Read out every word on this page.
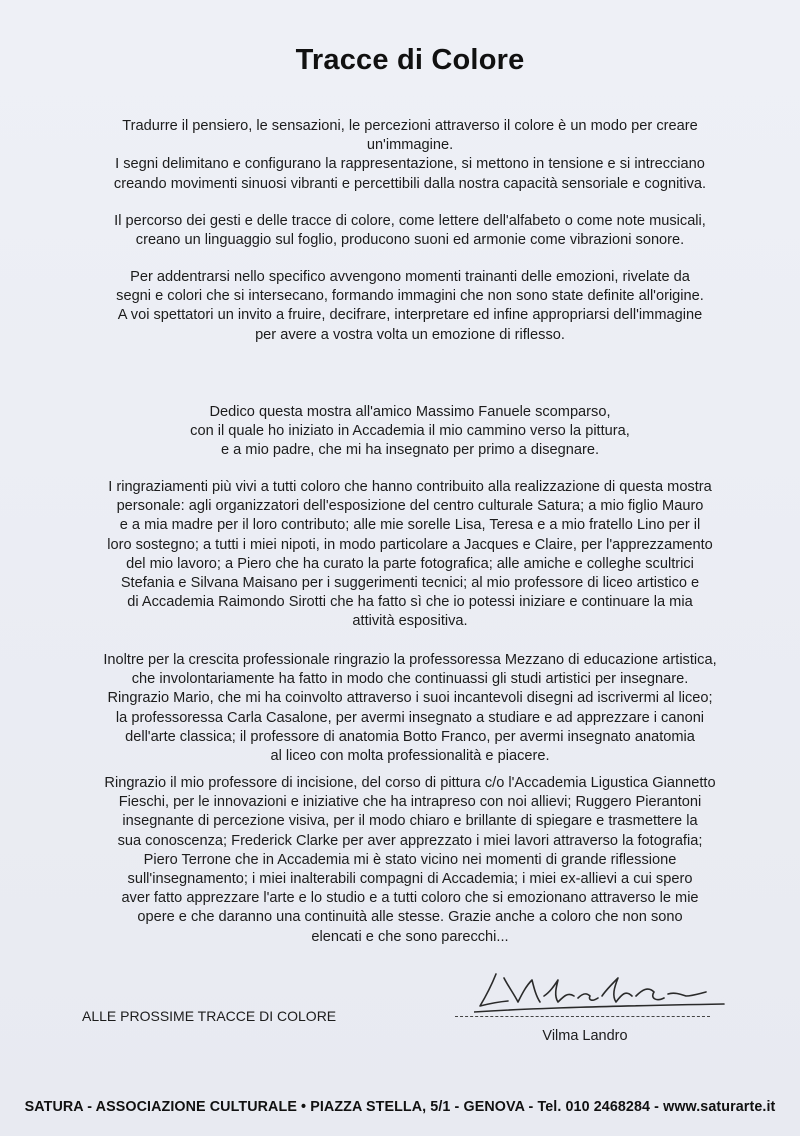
Tracce di Colore
Tradurre il pensiero, le sensazioni, le percezioni attraverso il colore è un modo per creare
un'immagine.
I segni delimitano e configurano la rappresentazione, si mettono in tensione e si intrecciano
creando movimenti sinuosi vibranti e percettibili dalla nostra capacità sensoriale e cognitiva.
Il percorso dei gesti e delle tracce di colore, come lettere dell'alfabeto o come note musicali,
creano un linguaggio sul foglio, producono suoni ed armonie come vibrazioni sonore.
Per addentrarsi nello specifico avvengono momenti trainanti delle emozioni, rivelate da
segni e colori che si intersecano, formando immagini che non sono state definite all'origine.
A voi spettatori un invito a fruire, decifrare, interpretare ed infine appropriarsi dell'immagine
per avere a vostra volta un emozione di riflesso.
Dedico questa mostra all'amico Massimo Fanuele scomparso,
con il quale ho iniziato in Accademia il mio cammino verso la pittura,
e a mio padre, che mi ha insegnato per primo a disegnare.
I ringraziamenti più vivi a tutti coloro che hanno contribuito alla realizzazione di questa mostra
personale: agli organizzatori dell'esposizione del centro culturale Satura; a mio figlio Mauro
e a mia madre per il loro contributo; alle mie sorelle Lisa, Teresa e a mio fratello Lino per il
loro sostegno; a tutti i miei nipoti, in modo particolare a Jacques e Claire, per l'apprezzamento
del mio lavoro; a Piero che ha curato la parte fotografica; alle amiche e colleghe scultrici
Stefania e Silvana Maisano per i suggerimenti tecnici; al mio professore di liceo artistico e
di Accademia Raimondo Sirotti che ha fatto sì che io potessi iniziare e continuare la mia
attività espositiva.
Inoltre per la crescita professionale ringrazio la professoressa Mezzano di educazione artistica,
che involontariamente ha fatto in modo che continuassi gli studi artistici per insegnare.
Ringrazio Mario, che mi ha coinvolto attraverso i suoi incantevoli disegni ad iscrivermi al liceo;
la professoressa Carla Casalone, per avermi insegnato a studiare e ad apprezzare i canoni
dell'arte classica; il professore di anatomia Botto Franco, per avermi insegnato anatomia
al liceo con molta professionalità e piacere.
Ringrazio il mio professore di incisione, del corso di pittura c/o l'Accademia Ligustica Giannetto
Fieschi, per le innovazioni e iniziative che ha intrapreso con noi allievi; Ruggero Pierantoni
insegnante di percezione visiva, per il modo chiaro e brillante di spiegare e trasmettere la
sua conoscenza; Frederick Clarke per aver apprezzato i miei lavori attraverso la fotografia;
Piero Terrone che in Accademia mi è stato vicino nei momenti di grande riflessione
sull'insegnamento; i miei inalterabili compagni di Accademia; i miei ex-allievi a cui spero
aver fatto apprezzare l'arte e lo studio e a tutti coloro che si emozionano attraverso le mie
opere e che daranno una continuità alle stesse. Grazie anche a coloro che non sono
elencati e che sono parecchi...
ALLE PROSSIME TRACCE DI COLORE
Vilma Landro
SATURA - ASSOCIAZIONE CULTURALE • PIAZZA STELLA, 5/1 - GENOVA - Tel. 010 2468284 - www.saturarte.it
